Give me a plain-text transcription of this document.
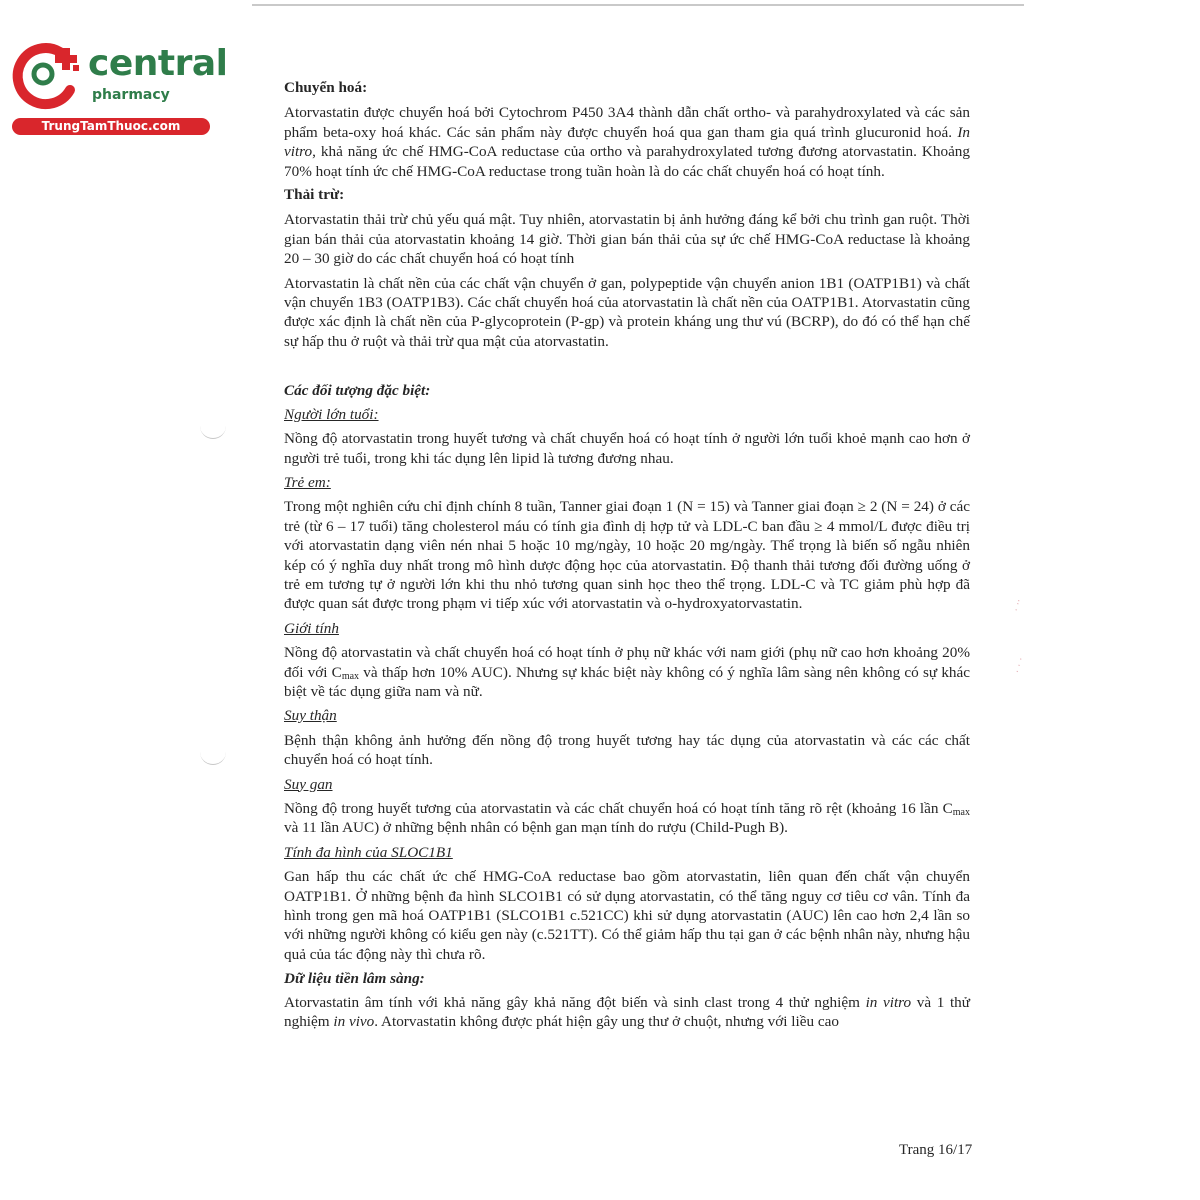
central
pharmacy
TrungTamThuoc.com
· ··
· · ·

Chuyển hoá:

Atorvastatin được chuyển hoá bởi Cytochrom P450 3A4 thành dẫn chất ortho- và parahydroxylated và các sản phẩm beta-oxy hoá khác. Các sản phẩm này được chuyển hoá qua gan tham gia quá trình glucuronid hoá. In vitro, khả năng ức chế HMG-CoA reductase của ortho và parahydroxylated tương đương atorvastatin. Khoảng 70% hoạt tính ức chế HMG-CoA reductase trong tuần hoàn là do các chất chuyển hoá có hoạt tính.

Thải trừ:

Atorvastatin thải trừ chủ yếu quá mật. Tuy nhiên, atorvastatin bị ảnh hưởng đáng kể bởi chu trình gan ruột. Thời gian bán thải của atorvastatin khoảng 14 giờ. Thời gian bán thải của sự ức chế HMG-CoA reductase là khoảng 20 – 30 giờ do các chất chuyển hoá có hoạt tính

Atorvastatin là chất nền của các chất vận chuyển ở gan, polypeptide vận chuyển anion 1B1 (OATP1B1) và chất vận chuyển 1B3 (OATP1B3). Các chất chuyển hoá của atorvastatin là chất nền của OATP1B1. Atorvastatin cũng được xác định là chất nền của P-glycoprotein (P-gp) và protein kháng ung thư vú (BCRP), do đó có thể hạn chế sự hấp thu ở ruột và thải trừ qua mật của atorvastatin.

Các đối tượng đặc biệt:

Người lớn tuổi:

Nồng độ atorvastatin trong huyết tương và chất chuyển hoá có hoạt tính ở người lớn tuổi khoẻ mạnh cao hơn ở người trẻ tuổi, trong khi tác dụng lên lipid là tương đương nhau.

Trẻ em:

Trong một nghiên cứu chỉ định chính 8 tuần, Tanner giai đoạn 1 (N = 15) và Tanner giai đoạn ≥ 2 (N = 24) ở các trẻ (từ 6 – 17 tuổi) tăng cholesterol máu có tính gia đình dị hợp tử và LDL-C ban đầu ≥ 4 mmol/L được điều trị với atorvastatin dạng viên nén nhai 5 hoặc 10 mg/ngày, 10 hoặc 20 mg/ngày. Thể trọng là biến số ngẫu nhiên kép có ý nghĩa duy nhất trong mô hình dược động học của atorvastatin. Độ thanh thải tương đối đường uống ở trẻ em tương tự ở người lớn khi thu nhỏ tương quan sinh học theo thể trọng. LDL-C và TC giảm phù hợp đã được quan sát được trong phạm vi tiếp xúc với atorvastatin và o-hydroxyatorvastatin.

Giới tính

Nồng độ atorvastatin và chất chuyển hoá có hoạt tính ở phụ nữ khác với nam giới (phụ nữ cao hơn khoảng 20% đối với $C_{max}$ và thấp hơn 10% AUC). Nhưng sự khác biệt này không có ý nghĩa lâm sàng nên không có sự khác biệt về tác dụng giữa nam và nữ.

Suy thận

Bệnh thận không ảnh hưởng đến nồng độ trong huyết tương hay tác dụng của atorvastatin và các các chất chuyển hoá có hoạt tính.

Suy gan

Nồng độ trong huyết tương của atorvastatin và các chất chuyển hoá có hoạt tính tăng rõ rệt (khoảng 16 lần $C_{max}$ và 11 lần AUC) ở những bệnh nhân có bệnh gan mạn tính do rượu (Child-Pugh B).

Tính đa hình của SLOC1B1

Gan hấp thu các chất ức chế HMG-CoA reductase bao gồm atorvastatin, liên quan đến chất vận chuyển OATP1B1. Ở những bệnh đa hình SLCO1B1 có sử dụng atorvastatin, có thể tăng nguy cơ tiêu cơ vân. Tính đa hình trong gen mã hoá OATP1B1 (SLCO1B1 c.521CC) khi sử dụng atorvastatin (AUC) lên cao hơn 2,4 lần so với những người không có kiểu gen này (c.521TT). Có thể giảm hấp thu tại gan ở các bệnh nhân này, nhưng hậu quả của tác động này thì chưa rõ.

Dữ liệu tiền lâm sàng:

Atorvastatin âm tính với khả năng gây khả năng đột biến và sinh clast trong 4 thử nghiệm in vitro và 1 thử nghiệm in vivo. Atorvastatin không được phát hiện gây ung thư ở chuột, nhưng với liều cao

Trang 16/17
